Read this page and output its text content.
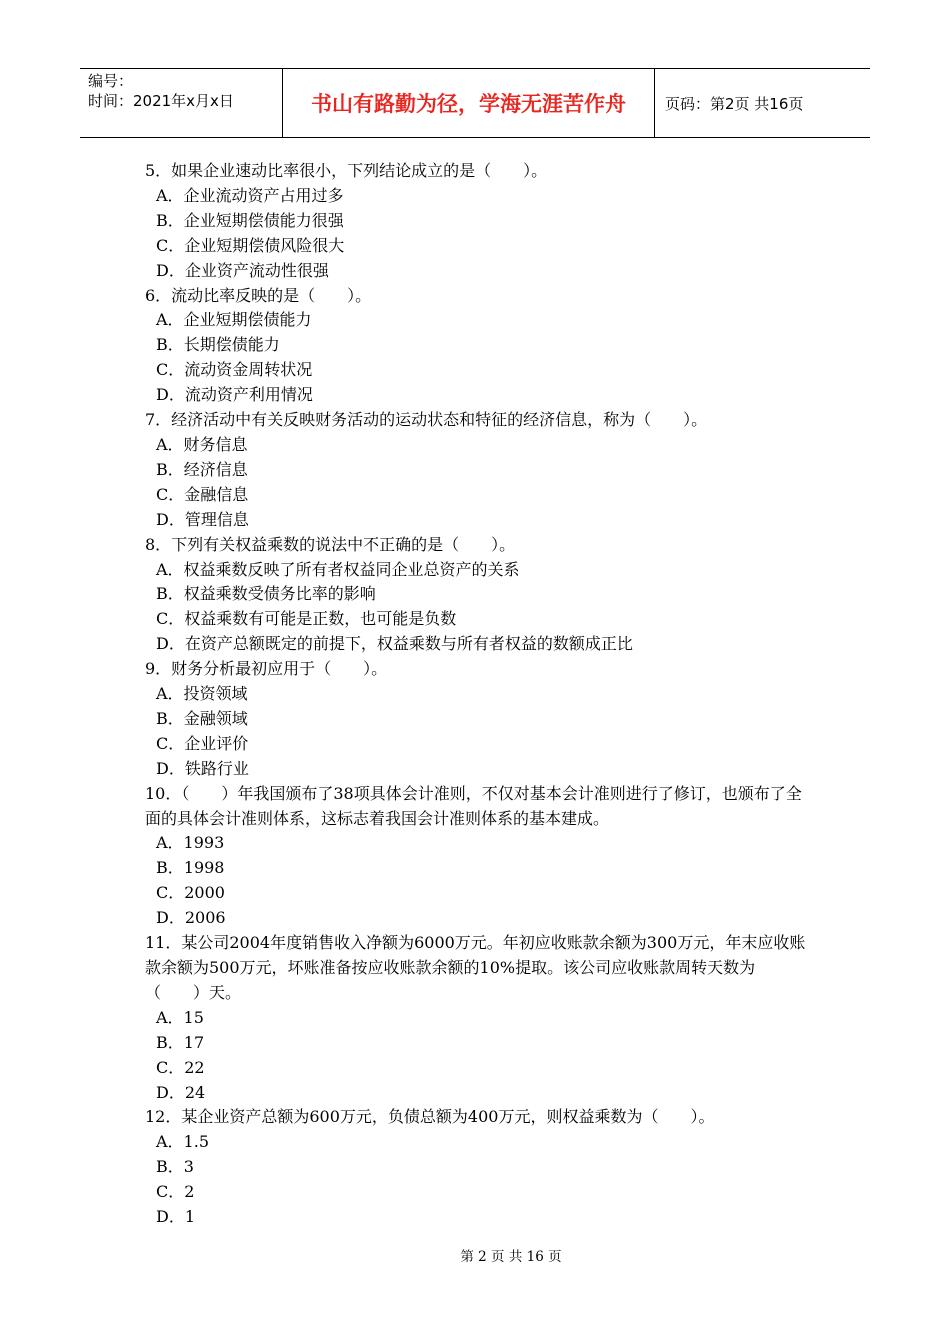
编号：
时间：2021年x月x日	书山有路勤为径，学海无涯苦作舟	页码：第2页 共16页

5．如果企业速动比率很小，下列结论成立的是（　　）。

A．企业流动资产占用过多

B．企业短期偿债能力很强

C．企业短期偿债风险很大

D．企业资产流动性很强

6．流动比率反映的是（　　）。

A．企业短期偿债能力

B．长期偿债能力

C．流动资金周转状况

D．流动资产利用情况

7．经济活动中有关反映财务活动的运动状态和特征的经济信息，称为（　　）。

A．财务信息

B．经济信息

C．金融信息

D．管理信息

8．下列有关权益乘数的说法中不正确的是（　　）。

A．权益乘数反映了所有者权益同企业总资产的关系

B．权益乘数受债务比率的影响

C．权益乘数有可能是正数，也可能是负数

D．在资产总额既定的前提下，权益乘数与所有者权益的数额成正比

9．财务分析最初应用于（　　）。

A．投资领域

B．金融领域

C．企业评价

D．铁路行业

10．（　　）年我国颁布了38项具体会计准则，不仅对基本会计准则进行了修订，也颁布了全面的具体会计准则体系，这标志着我国会计准则体系的基本建成。

A．1993

B．1998

C．2000

D．2006

11．某公司2004年度销售收入净额为6000万元。年初应收账款余额为300万元，年末应收账款余额为500万元，坏账准备按应收账款余额的10%提取。该公司应收账款周转天数为（　　）天。

A．15

B．17

C．22

D．24

12．某企业资产总额为600万元，负债总额为400万元，则权益乘数为（　　）。

A．1.5

B．3

C．2

D．1

第 2 页 共 16 页
